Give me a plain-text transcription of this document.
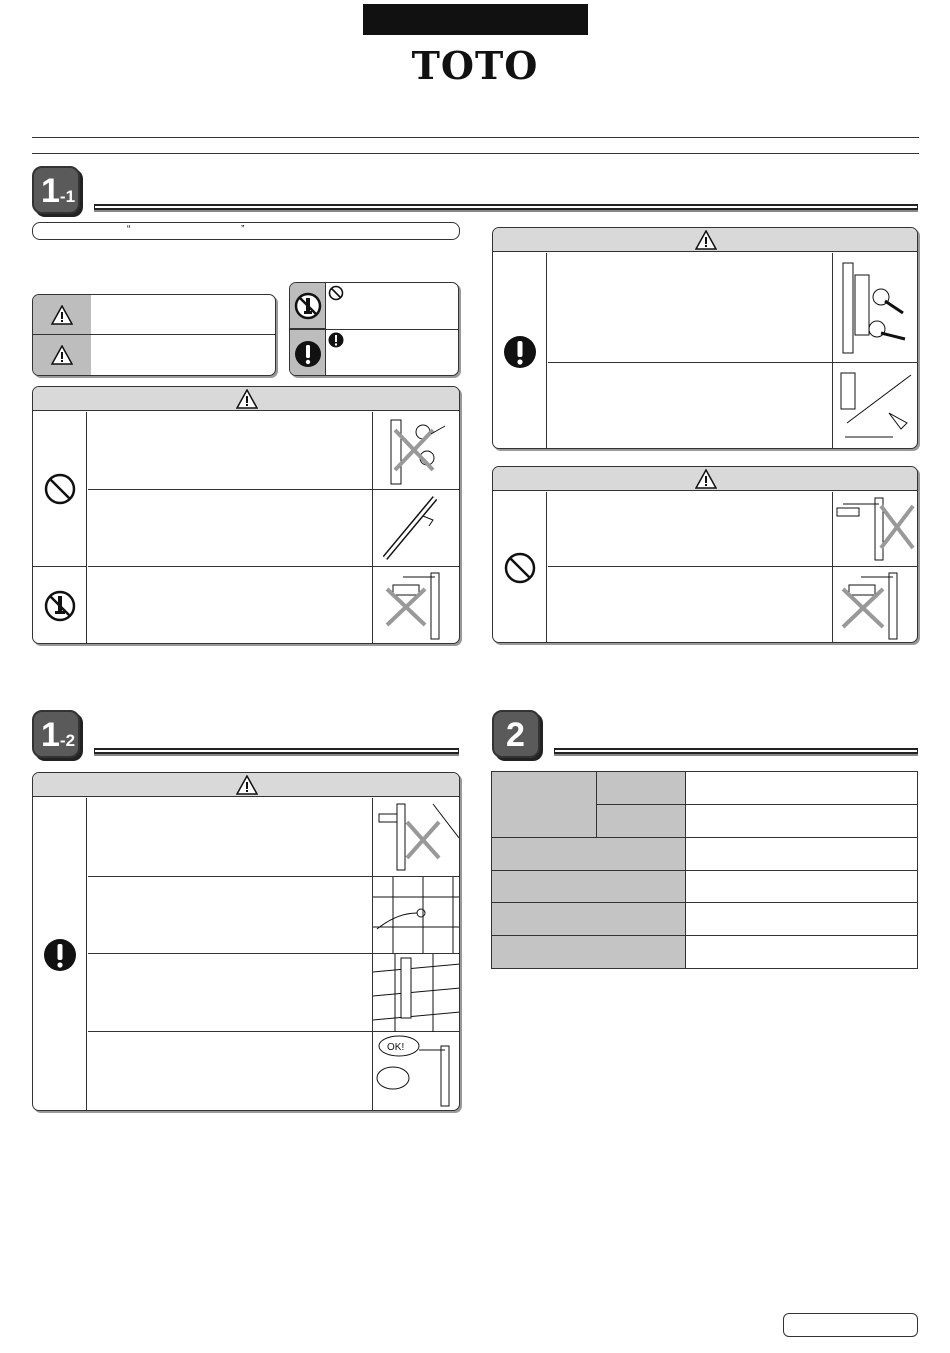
TOTO
1-1
“	”
1-2	2
OK!
